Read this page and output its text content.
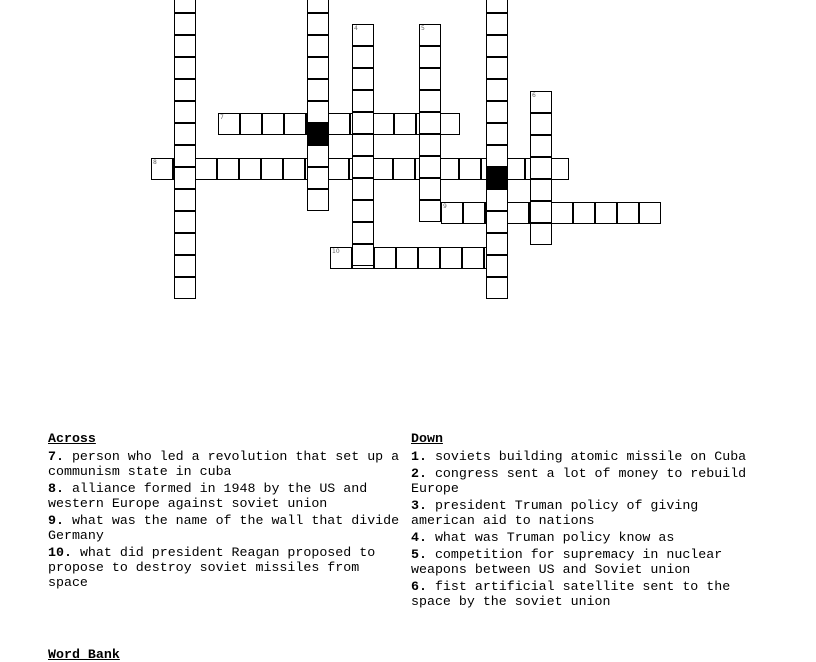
7
8
9
10
4	5
6
Across
7. person who led a revolution that set up a communism state in cuba
8. alliance formed in 1948 by the US and western Europe against soviet union
9. what was the name of the wall that divide Germany
10. what did president Reagan proposed to propose to destroy soviet missiles from space
Down
1. soviets building atomic missile on Cuba
2. congress sent a lot of money to rebuild Europe
3. president Truman policy of giving american aid to nations
4. what was Truman policy know as
5. competition for supremacy in nuclear weapons between US and Soviet union
6. fist artificial satellite sent to the space by the soviet union
Word Bank
